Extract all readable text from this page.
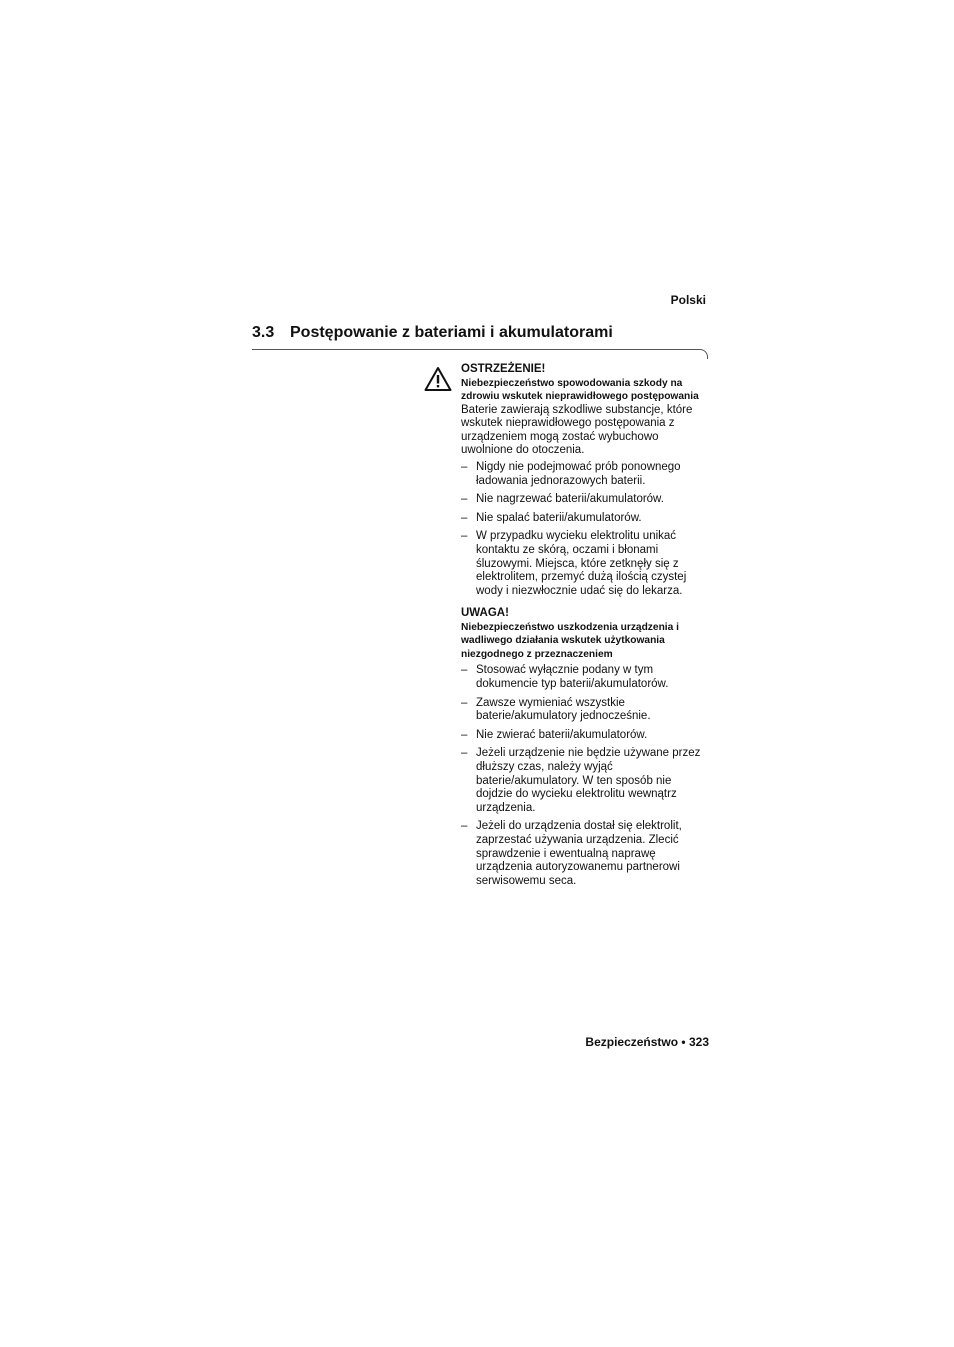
Polski
3.3 Postępowanie z bateriami i akumulatorami

OSTRZEŻENIE!

Niebezpieczeństwo spowodowania szkody na zdrowiu wskutek nieprawidłowego postępowania

Baterie zawierają szkodliwe substancje, które wskutek nieprawidłowego postępowania z urządzeniem mogą zostać wybuchowo uwolnione do otoczenia.

– Nigdy nie podejmować prób ponownego ładowania jednorazowych baterii.
– Nie nagrzewać baterii/akumulatorów.
– Nie spalać baterii/akumulatorów.
– W przypadku wycieku elektrolitu unikać kontaktu ze skórą, oczami i błonami śluzowymi. Miejsca, które zetknęły się z elektrolitem, przemyć dużą ilością czystej wody i niezwłocznie udać się do lekarza.

UWAGA!

Niebezpieczeństwo uszkodzenia urządzenia i wadliwego działania wskutek użytkowania niezgodnego z przeznaczeniem

– Stosować wyłącznie podany w tym dokumencie typ baterii/akumulatorów.
– Zawsze wymieniać wszystkie baterie/akumulatory jednocześnie.
– Nie zwierać baterii/akumulatorów.
– Jeżeli urządzenie nie będzie używane przez dłuższy czas, należy wyjąć baterie/akumulatory. W ten sposób nie dojdzie do wycieku elektrolitu wewnątrz urządzenia.
– Jeżeli do urządzenia dostał się elektrolit, zaprzestać używania urządzenia. Zlecić sprawdzenie i ewentualną naprawę urządzenia autoryzowanemu partnerowi serwisowemu seca.
Bezpieczeństwo • 323
